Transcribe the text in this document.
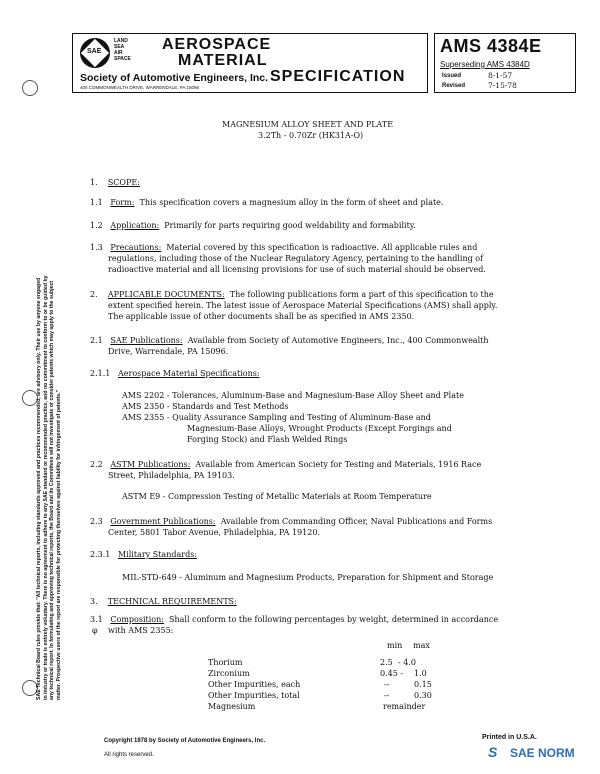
SAE Technical Board rules provide that: "All technical reports, including standards approved and practices recommended, are advisory only. Their use by anyone engaged in industry or trade is entirely voluntary. There is no agreement to adhere to any SAE standard or recommended practice, and no commitment to conform to or be guided by any technical report. In formulating and approving technical reports, the Board and its Committees will not investigate or consider patents which may apply to the subject matter. Prospective users of the report are responsible for protecting themselves against liability for infringement of patents."
SAE
LAND
SEA
AIR
SPACE
AEROSPACE
MATERIAL
SPECIFICATION
Society of Automotive Engineers, Inc.
400 COMMONWEALTH DRIVE, WARRENDALE, PA 15096
AMS 4384E
Superseding AMS 4384D
Issued	8-1-57
Revised	7-15-78
MAGNESIUM ALLOY SHEET AND PLATE
3.2Th - 0.70Zr (HK31A-O)
1. SCOPE:
1.1 Form: This specification covers a magnesium alloy in the form of sheet and plate.
1.2 Application: Primarily for parts requiring good weldability and formability.
1.3 Precautions: Material covered by this specification is radioactive. All applicable rules and
regulations, including those of the Nuclear Regulatory Agency, pertaining to the handling of
radioactive material and all licensing provisions for use of such material should be observed.
2. APPLICABLE DOCUMENTS: The following publications form a part of this specification to the
extent specified herein. The latest issue of Aerospace Material Specifications (AMS) shall apply.
The applicable issue of other documents shall be as specified in AMS 2350.
2.1 SAE Publications: Available from Society of Automotive Engineers, Inc., 400 Commonwealth
Drive, Warrendale, PA 15096.
2.1.1 Aerospace Material Specifications:
AMS 2202 - Tolerances, Aluminum-Base and Magnesium-Base Alloy Sheet and Plate
AMS 2350 - Standards and Test Methods
AMS 2355 - Quality Assurance Sampling and Testing of Aluminum-Base and
Magnesium-Base Alloys, Wrought Products (Except Forgings and
Forging Stock) and Flash Welded Rings
2.2 ASTM Publications: Available from American Society for Testing and Materials, 1916 Race
Street, Philadelphia, PA 19103.
ASTM E9 - Compression Testing of Metallic Materials at Room Temperature
2.3 Government Publications: Available from Commanding Officer, Naval Publications and Forms
Center, 5801 Tabor Avenue, Philadelphia, PA 19120.
2.3.1 Military Standards:
MIL-STD-649 - Aluminum and Magnesium Products, Preparation for Shipment and Storage
3. TECHNICAL REQUIREMENTS:
3.1 Composition: Shall conform to the following percentages by weight, determined in accordance
φ with AMS 2355:
min max
Thorium	2.5 - 4.0
Zirconium	0.45 - 1.0
Other Impurities, each	--	0.15
Other Impurities, total	--	0.30
Magnesium	remainder
Copyright 1978 by Society of Automotive Engineers, Inc.
All rights reserved.
Printed in U.S.A.
S SAE NORM
